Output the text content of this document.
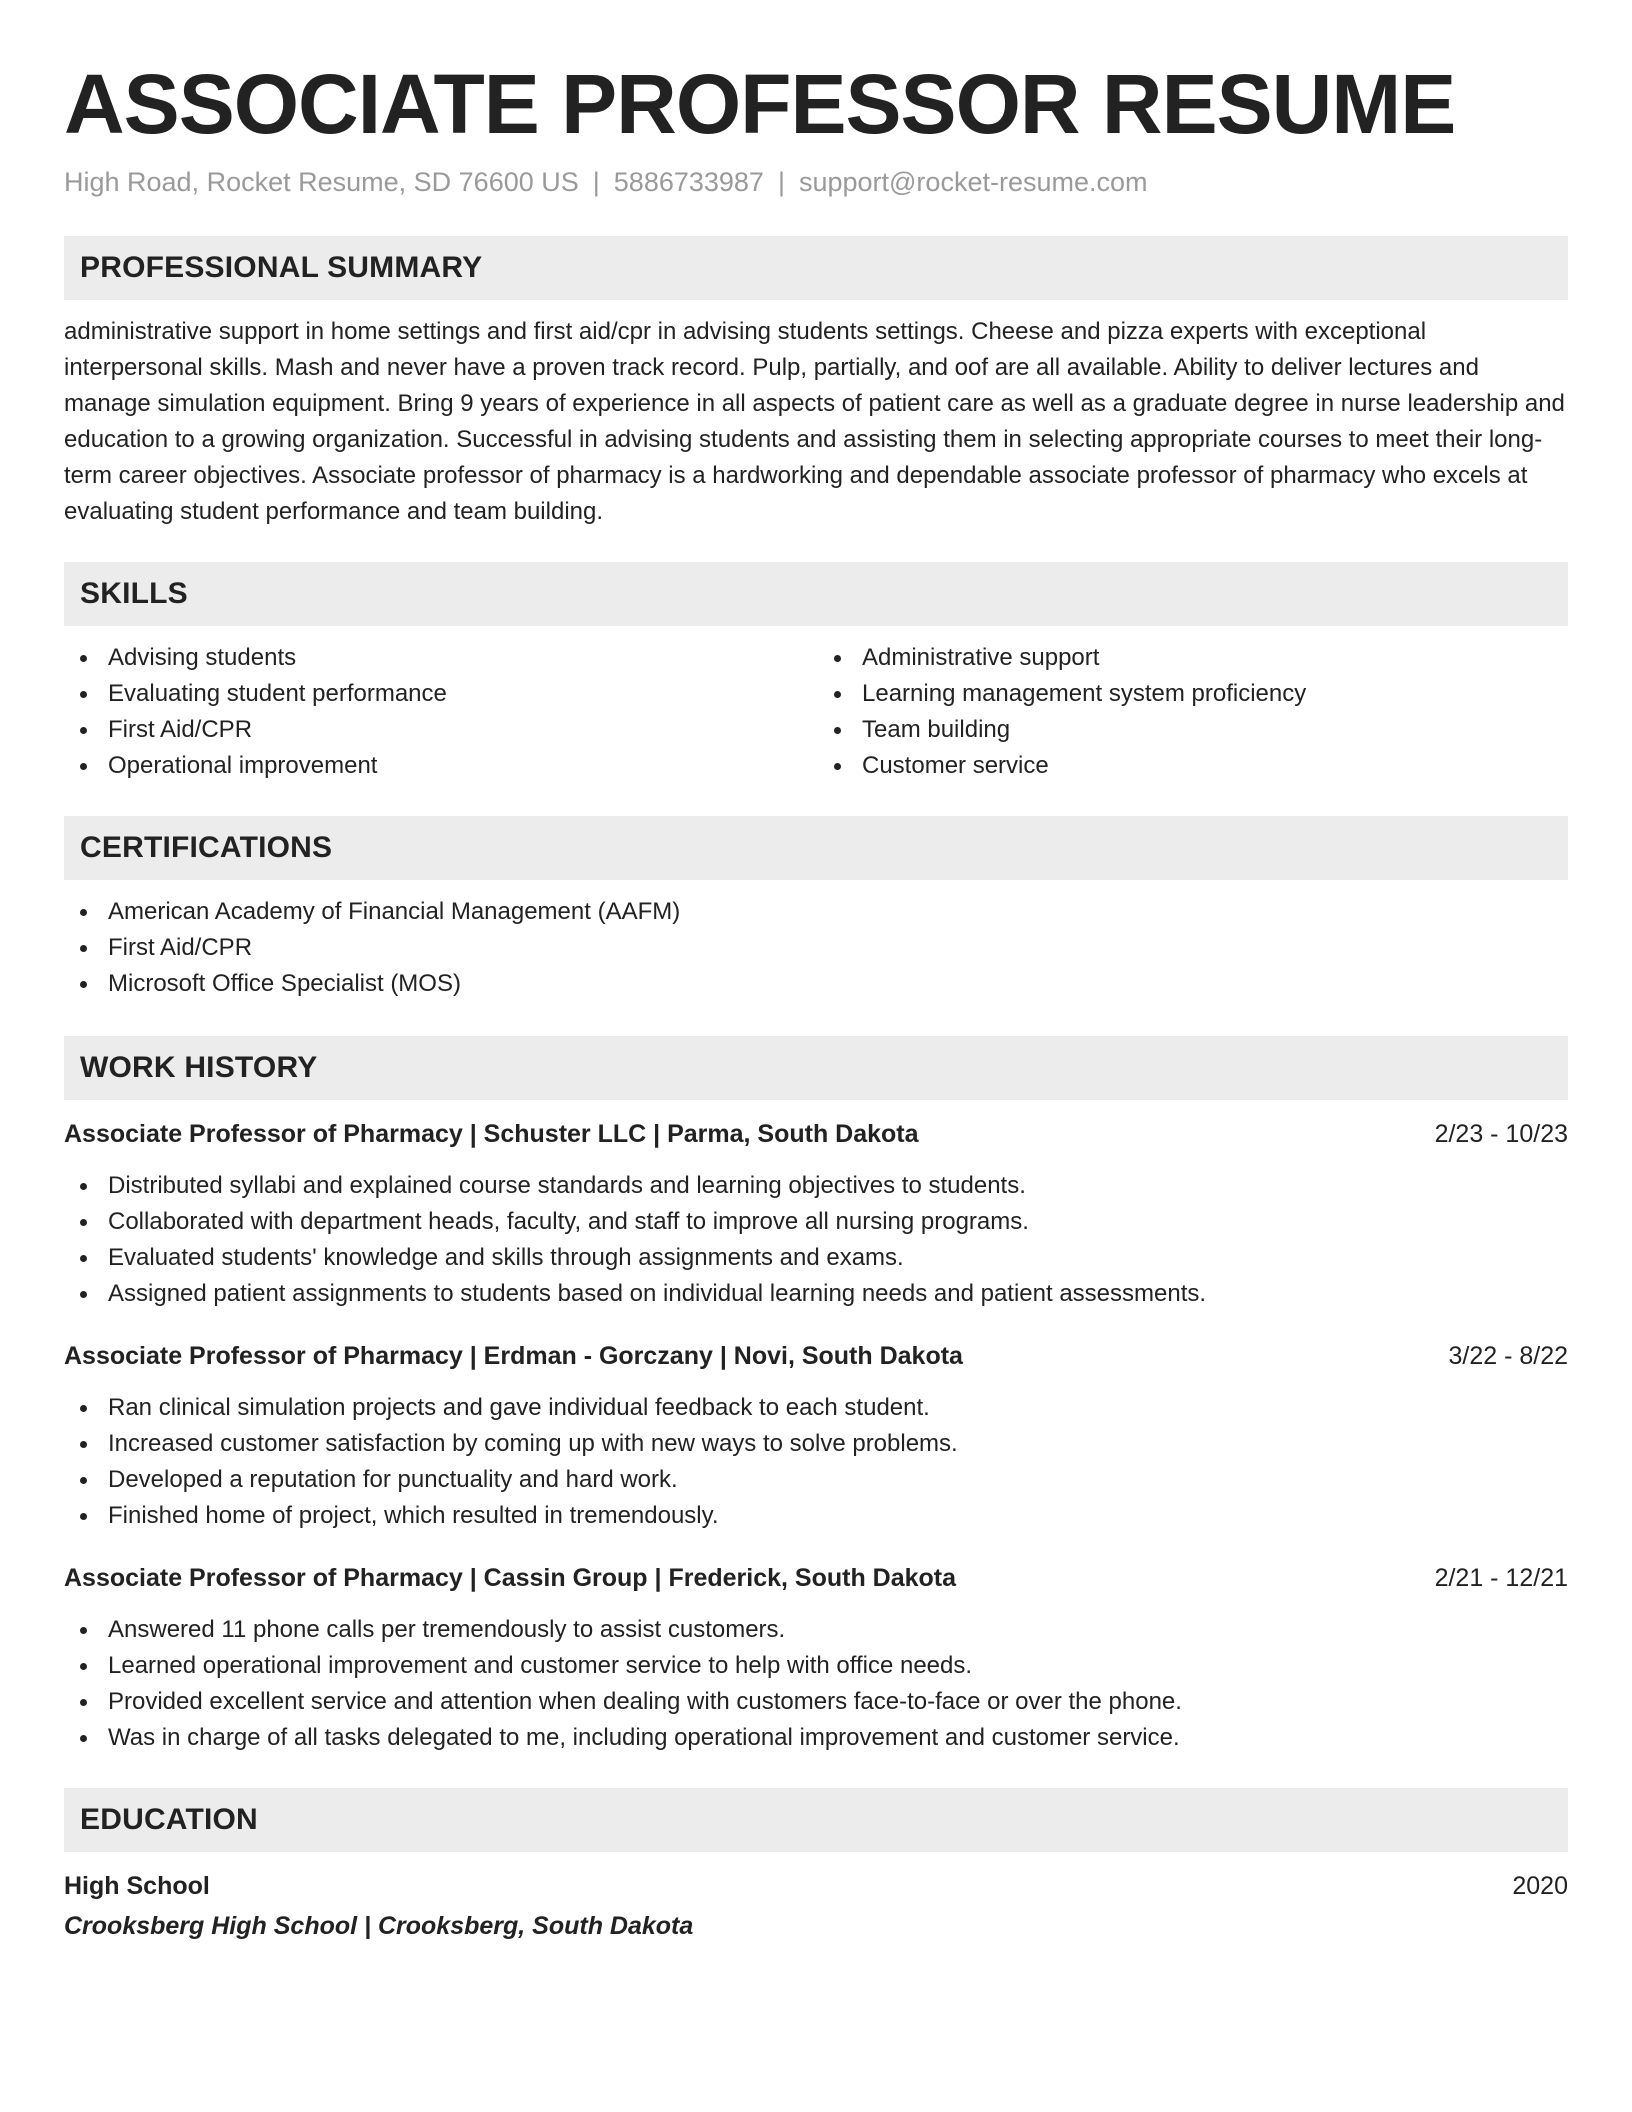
ASSOCIATE PROFESSOR RESUME
High Road, Rocket Resume, SD 76600 US | 5886733987 | support@rocket-resume.com
PROFESSIONAL SUMMARY

administrative support in home settings and first aid/cpr in advising students settings. Cheese and pizza experts with exceptional interpersonal skills. Mash and never have a proven track record. Pulp, partially, and oof are all available. Ability to deliver lectures and manage simulation equipment. Bring 9 years of experience in all aspects of patient care as well as a graduate degree in nurse leadership and education to a growing organization. Successful in advising students and assisting them in selecting appropriate courses to meet their long-term career objectives. Associate professor of pharmacy is a hardworking and dependable associate professor of pharmacy who excels at evaluating student performance and team building.

SKILLS
Advising students
Evaluating student performance
First Aid/CPR
Operational improvement
Administrative support
Learning management system proficiency
Team building
Customer service
CERTIFICATIONS
American Academy of Financial Management (AAFM)
First Aid/CPR
Microsoft Office Specialist (MOS)
WORK HISTORY
Associate Professor of Pharmacy | Schuster LLC | Parma, South Dakota	2/23 - 10/23
Distributed syllabi and explained course standards and learning objectives to students.
Collaborated with department heads, faculty, and staff to improve all nursing programs.
Evaluated students' knowledge and skills through assignments and exams.
Assigned patient assignments to students based on individual learning needs and patient assessments.
Associate Professor of Pharmacy | Erdman - Gorczany | Novi, South Dakota	3/22 - 8/22
Ran clinical simulation projects and gave individual feedback to each student.
Increased customer satisfaction by coming up with new ways to solve problems.
Developed a reputation for punctuality and hard work.
Finished home of project, which resulted in tremendously.
Associate Professor of Pharmacy | Cassin Group | Frederick, South Dakota	2/21 - 12/21
Answered 11 phone calls per tremendously to assist customers.
Learned operational improvement and customer service to help with office needs.
Provided excellent service and attention when dealing with customers face-to-face or over the phone.
Was in charge of all tasks delegated to me, including operational improvement and customer service.
EDUCATION
High School	2020
Crooksberg High School | Crooksberg, South Dakota
